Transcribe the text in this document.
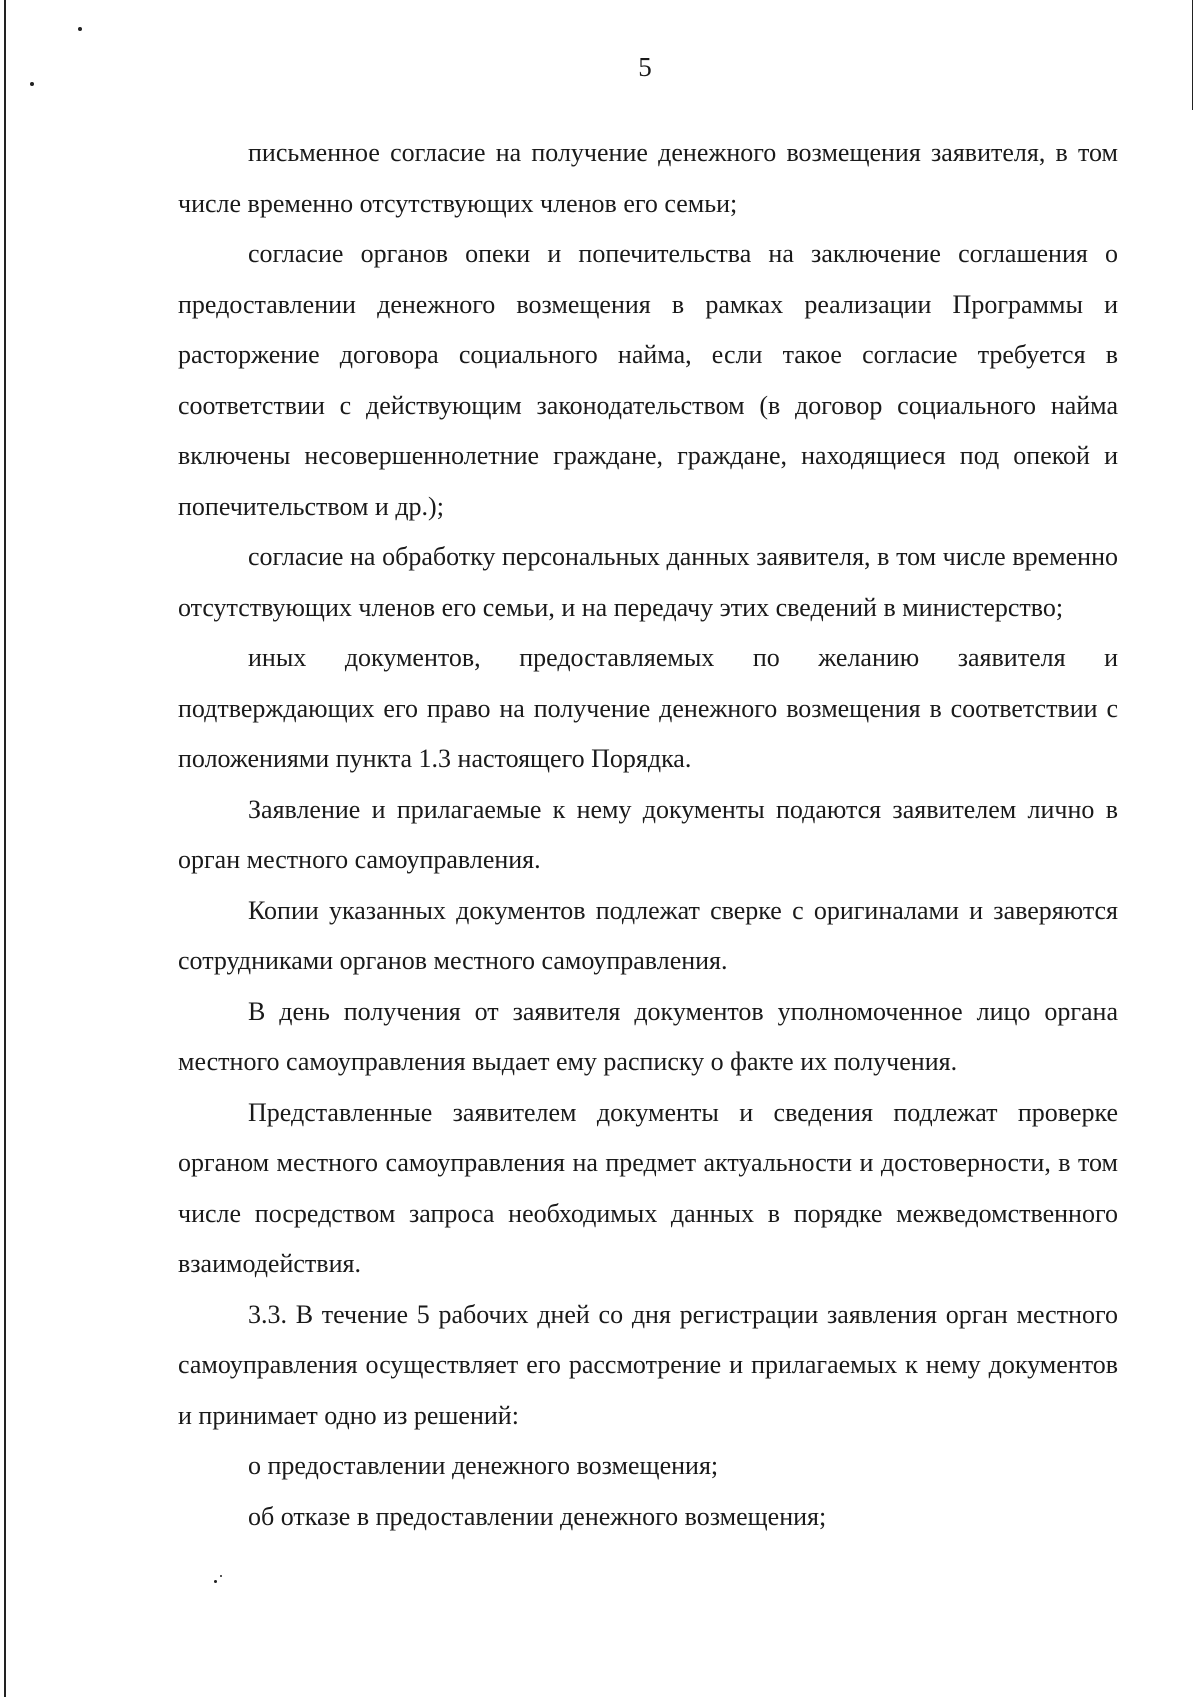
5

письменное согласие на получение денежного возмещения заявителя, в том числе временно отсутствующих членов его семьи;

согласие органов опеки и попечительства на заключение соглашения о предоставлении денежного возмещения в рамках реализации Программы и расторжение договора социального найма, если такое согласие требуется в соответствии с действующим законодательством (в договор социального найма включены несовершеннолетние граждане, граждане, находящиеся под опекой и попечительством и др.);

согласие на обработку персональных данных заявителя, в том числе временно отсутствующих членов его семьи, и на передачу этих сведений в министерство;

иных документов, предоставляемых по желанию заявителя и подтверждающих его право на получение денежного возмещения в соответствии с положениями пункта 1.3 настоящего Порядка.

Заявление и прилагаемые к нему документы подаются заявителем лично в орган местного самоуправления.

Копии указанных документов подлежат сверке с оригиналами и заверяются сотрудниками органов местного самоуправления.

В день получения от заявителя документов уполномоченное лицо органа местного самоуправления выдает ему расписку о факте их получения.

Представленные заявителем документы и сведения подлежат проверке органом местного самоуправления на предмет актуальности и достоверности, в том числе посредством запроса необходимых данных в порядке межведомственного взаимодействия.

3.3. В течение 5 рабочих дней со дня регистрации заявления орган местного самоуправления осуществляет его рассмотрение и прилагаемых к нему документов и принимает одно из решений:

о предоставлении денежного возмещения;

об отказе в предоставлении денежного возмещения;
